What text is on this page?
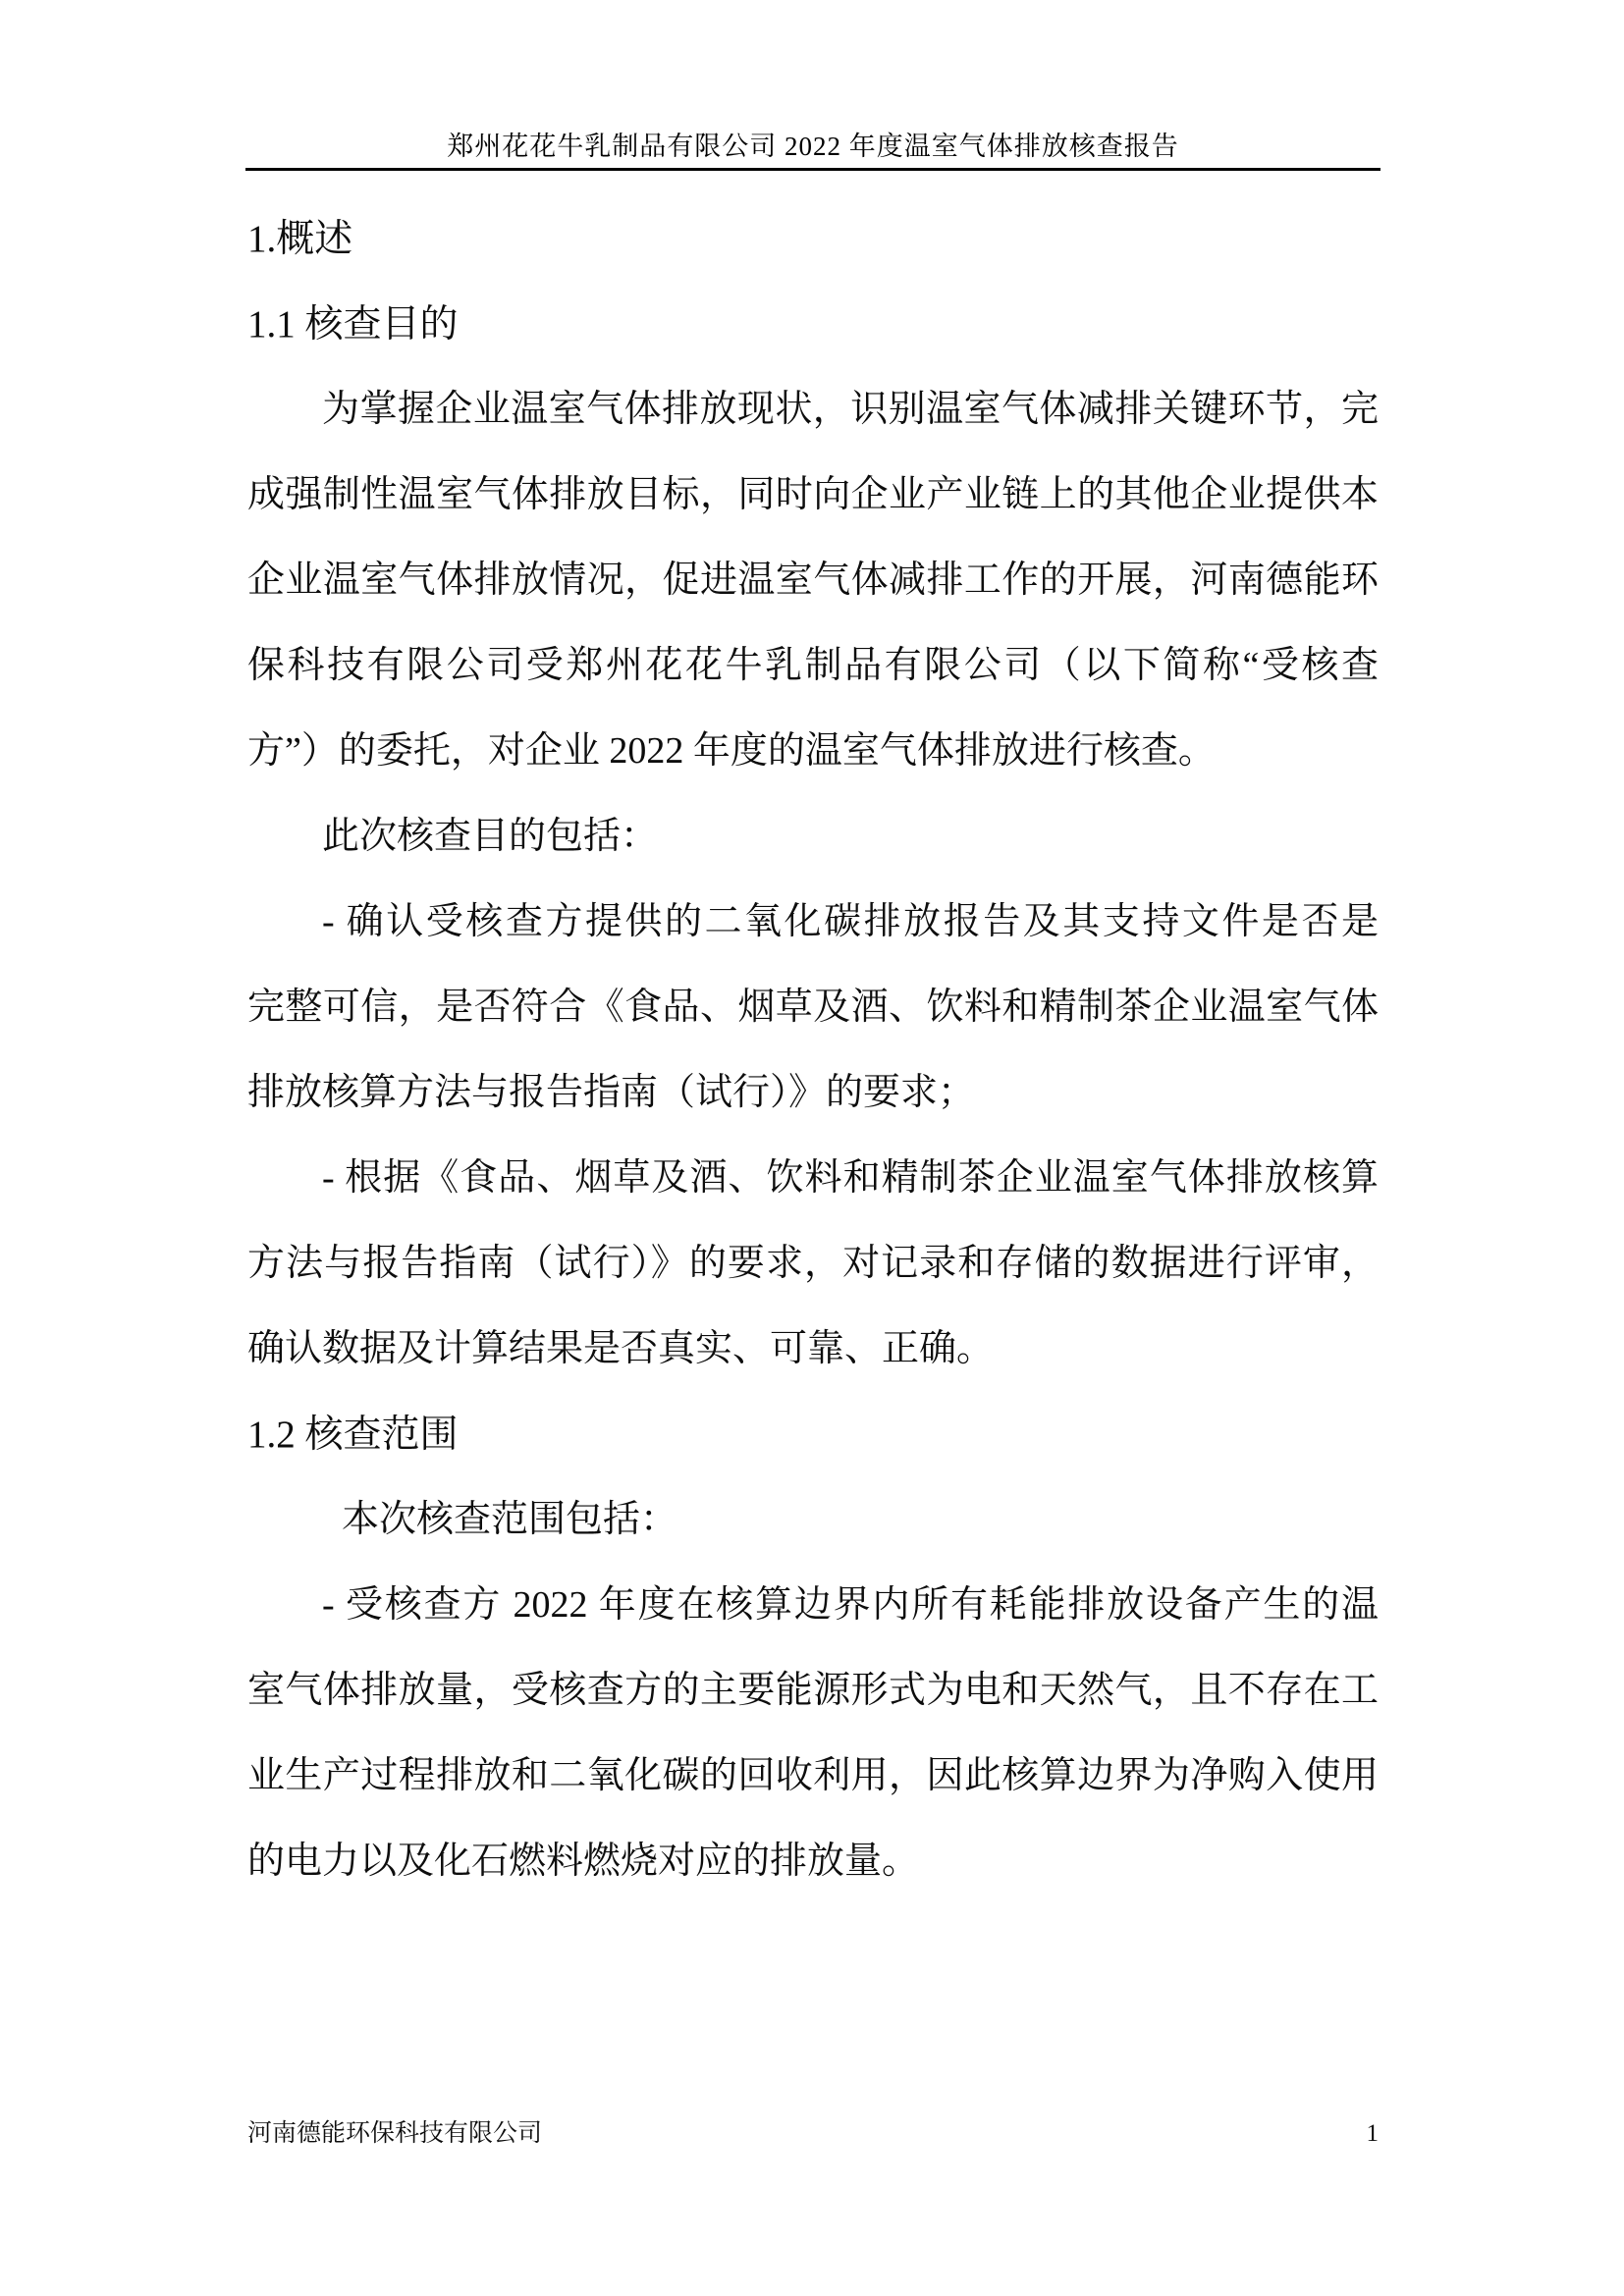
郑州花花牛乳制品有限公司 2022 年度温室气体排放核查报告
1.概述
1.1 核查目的
为掌握企业温室气体排放现状，识别温室气体减排关键环节，完
成强制性温室气体排放目标，同时向企业产业链上的其他企业提供本
企业温室气体排放情况，促进温室气体减排工作的开展，河南德能环
保科技有限公司受郑州花花牛乳制品有限公司（以下简称“受核查
方”）的委托，对企业 2022 年度的温室气体排放进行核查。
此次核查目的包括：
- 确认受核查方提供的二氧化碳排放报告及其支持文件是否是
完整可信，是否符合《食品、烟草及酒、饮料和精制茶企业温室气体
排放核算方法与报告指南（试行）》的要求；
- 根据《食品、烟草及酒、饮料和精制茶企业温室气体排放核算
方法与报告指南（试行）》的要求，对记录和存储的数据进行评审，
确认数据及计算结果是否真实、可靠、正确。
1.2 核查范围
本次核查范围包括：
- 受核查方 2022 年度在核算边界内所有耗能排放设备产生的温
室气体排放量，受核查方的主要能源形式为电和天然气，且不存在工
业生产过程排放和二氧化碳的回收利用，因此核算边界为净购入使用
的电力以及化石燃料燃烧对应的排放量。
河南德能环保科技有限公司	1
